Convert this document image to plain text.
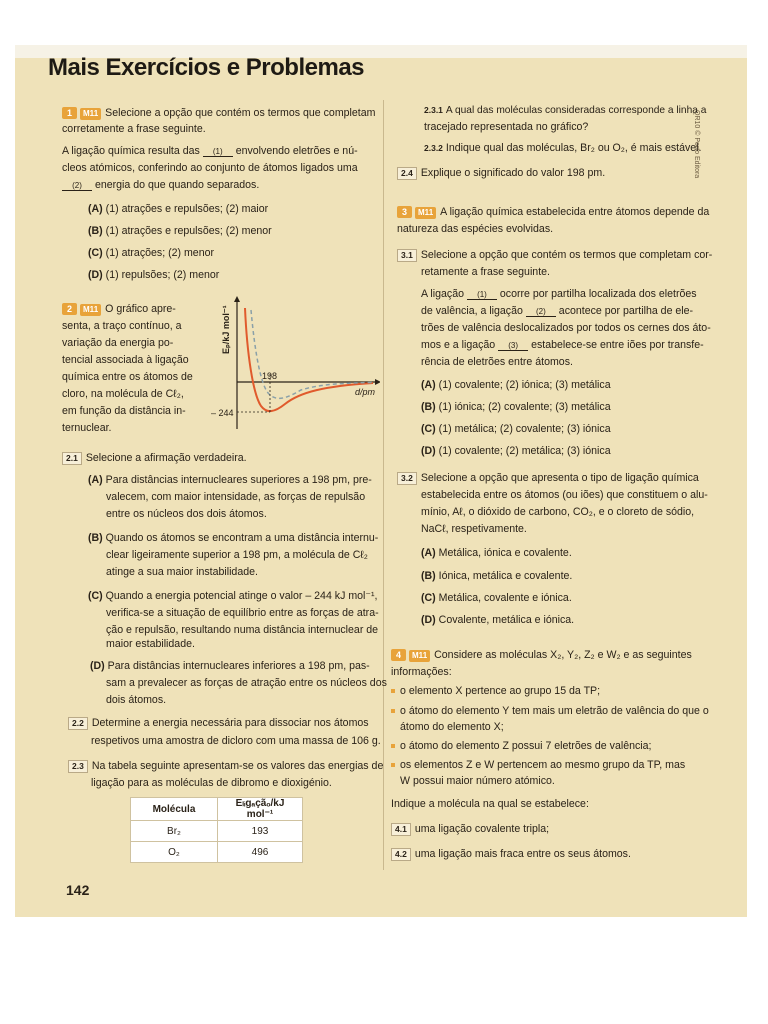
Mais Exercícios e Problemas
QR10 © Porto Editora
1 M11 Selecione a opção que contém os termos que completam
corretamente a frase seguinte.
A ligação química resulta das (1) envolvendo eletrões e nú-
cleos atómicos, conferindo ao conjunto de átomos ligados uma
(2) energia do que quando separados.
(A) (1) atrações e repulsões; (2) maior
(B) (1) atrações e repulsões; (2) menor
(C) (1) atrações; (2) menor
(D) (1) repulsões; (2) menor
2 M11 O gráfico apre-
senta, a traço contínuo, a
variação da energia po-
tencial associada à ligação
química entre os átomos de
cloro, na molécula de Cℓ₂,
em função da distância in-
ternuclear.
198
– 244
d/pm
Eₚ/kJ mol⁻¹
2.1 Selecione a afirmação verdadeira.
(A) Para distâncias internucleares superiores a 198 pm, pre-
valecem, com maior intensidade, as forças de repulsão
entre os núcleos dos dois átomos.
(B) Quando os átomos se encontram a uma distância internu-
clear ligeiramente superior a 198 pm, a molécula de Cℓ₂
atinge a sua maior instabilidade.
(C) Quando a energia potencial atinge o valor – 244 kJ mol⁻¹,
verifica-se a situação de equilíbrio entre as forças de atra-
ção e repulsão, resultando numa distância internuclear de
maior estabilidade.
(D) Para distâncias internucleares inferiores a 198 pm, pas-
sam a prevalecer as forças de atração entre os núcleos dos
dois átomos.
2.2 Determine a energia necessária para dissociar nos átomos
respetivos uma amostra de dicloro com uma massa de 106 g.
2.3 Na tabela seguinte apresentam-se os valores das energias de
ligação para as moléculas de dibromo e dioxigénio.
Molécula	Eₗᵢgₐçãₒ/kJ mol⁻¹
Br₂	193
O₂	496
142
2.3.1 A qual das moléculas consideradas corresponde a linha a
tracejado representada no gráfico?
2.3.2 Indique qual das moléculas, Br₂ ou O₂, é mais estável.
2.4 Explique o significado do valor 198 pm.
3 M11 A ligação química estabelecida entre átomos depende da
natureza das espécies evolvidas.
3.1 Selecione a opção que contém os termos que completam cor-
retamente a frase seguinte.
A ligação (1) ocorre por partilha localizada dos eletrões
de valência, a ligação (2) acontece por partilha de ele-
trões de valência deslocalizados por todos os cernes dos áto-
mos e a ligação (3) estabelece-se entre iões por transfe-
rência de eletrões entre átomos.
(A) (1) covalente; (2) iónica; (3) metálica
(B) (1) iónica; (2) covalente; (3) metálica
(C) (1) metálica; (2) covalente; (3) iónica
(D) (1) covalente; (2) metálica; (3) iónica
3.2 Selecione a opção que apresenta o tipo de ligação química
estabelecida entre os átomos (ou iões) que constituem o alu-
mínio, Aℓ, o dióxido de carbono, CO₂, e o cloreto de sódio,
NaCℓ, respetivamente.
(A) Metálica, iónica e covalente.
(B) Iónica, metálica e covalente.
(C) Metálica, covalente e iónica.
(D) Covalente, metálica e iónica.
4 M11 Considere as moléculas X₂, Y₂, Z₂ e W₂ e as seguintes
informações:
o elemento X pertence ao grupo 15 da TP;
o átomo do elemento Y tem mais um eletrão de valência do que o
átomo do elemento X;
o átomo do elemento Z possui 7 eletrões de valência;
os elementos Z e W pertencem ao mesmo grupo da TP, mas
W possui maior número atómico.
Indique a molécula na qual se estabelece:
4.1 uma ligação covalente tripla;
4.2 uma ligação mais fraca entre os seus átomos.
